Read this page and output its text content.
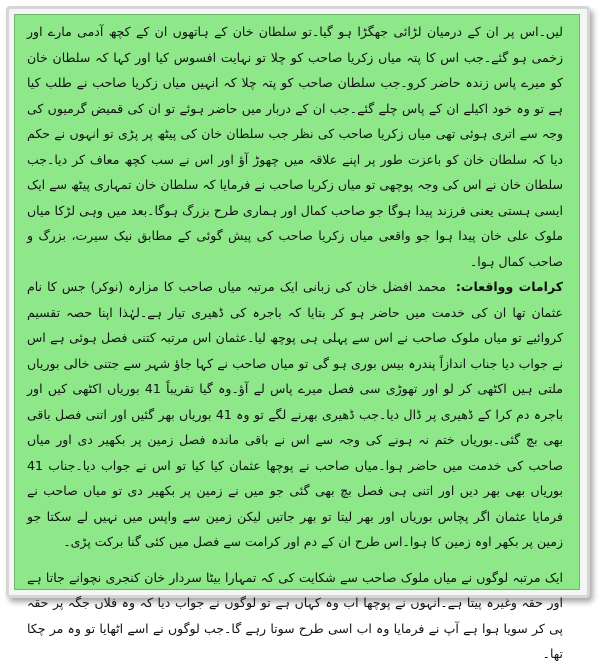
لیں۔اس پر ان کے درمیان لڑائی جھگڑا ہو گیا۔تو سلطان خان کے ہاتھوں ان کے کچھ آدمی مارے اور زخمی ہو گئے۔جب اس کا پتہ میاں زکریا صاحب کو چلا تو نہایت افسوس کیا اور کہا کہ سلطان خان کو میرے پاس زندہ حاضر کرو۔جب سلطان صاحب کو پتہ چلا کہ انہیں میاں زکریا صاحب نے طلب کیا ہے تو وہ خود اکیلے ان کے پاس چلے گئے۔جب ان کے دربار میں حاضر ہوئے تو ان کی قمیض گرمیوں کی وجہ سے اتری ہوئی تھی میاں زکریا صاحب کی نظر جب سلطان خان کی پیٹھ پر پڑی تو انہوں نے حکم دیا کہ سلطان خان کو باعزت طور پر اپنے علاقہ میں چھوڑ آؤ اور اس نے سب کچھ معاف کر دیا۔جب سلطان خان نے اس کی وجہ پوچھی تو میاں زکریا صاحب نے فرمایا کہ سلطان خان تمہاری پیٹھ سے ایک ایسی ہستی یعنی فرزند پیدا ہوگا جو صاحب کمال اور ہماری طرح بزرگ ہوگا۔بعد میں وہی لڑکا میاں ملوک علی خان پیدا ہوا جو واقعی میاں زکریا صاحب کی پیش گوئی کے مطابق نیک سیرت، بزرگ و صاحب کمال ہوا۔

کرامات وواقعات:محمد افضل خان کی زبانی ایک مرتبہ میاں صاحب کا مزارہ (نوکر) جس کا نام عثمان تھا ان کی خدمت میں حاضر ہو کر بتایا کہ باجرہ کی ڈھیری تیار ہے۔لہٰذا اپنا حصہ تقسیم کروائیے تو میاں ملوک صاحب نے اس سے پہلی ہی پوچھ لیا۔عثمان اس مرتبہ کتنی فصل ہوئی ہے اس نے جواب دیا جناب اندازاً پندرہ بیس بوری ہو گی تو میاں صاحب نے کہا جاؤ شہر سے جتنی خالی بوریاں ملتی ہیں اکٹھی کر لو اور تھوڑی سی فصل میرے پاس لے آؤ۔وہ گیا تقریباً 41 بوریاں اکٹھی کیں اور باجرہ دم کرا کے ڈھیری پر ڈال دیا۔جب ڈھیری بھرنے لگے تو وہ 41 بوریاں بھر گئیں اور اتنی فصل باقی بھی بچ گئی۔بوریاں ختم نہ ہونے کی وجہ سے اس نے باقی ماندہ فصل زمین پر بکھیر دی اور میاں صاحب کی خدمت میں حاضر ہوا۔میاں صاحب نے پوچھا عثمان کیا کیا تو اس نے جواب دیا۔جناب 41 بوریاں بھی بھر دیں اور اتنی ہی فصل بچ بھی گئی جو میں نے زمین پر بکھیر دی تو میاں صاحب نے فرمایا عثمان اگر پچاس بوریاں اور بھر لیتا تو بھر جاتیں لیکن زمین سے واپس میں نہیں لے سکتا جو زمین پر بکھر اوہ زمین کا ہوا۔اس طرح ان کے دم اور کرامت سے فصل میں کئی گنا برکت پڑی۔

ایک مرتبہ لوگوں نے میاں ملوک صاحب سے شکایت کی کہ تمہارا بیٹا سردار خان کنجری نچوانے جاتا ہے اور حقہ وغیرہ پیتا ہے۔انہوں نے پوچھا اب وہ کہاں ہے تو لوگوں نے جواب دیا کہ وہ فلاں جگہ پر حقہ پی کر سویا ہوا ہے آپ نے فرمایا وہ اب اسی طرح سوتا رہے گا۔جب لوگوں نے اسے اٹھایا تو وہ مر چکا تھا۔
